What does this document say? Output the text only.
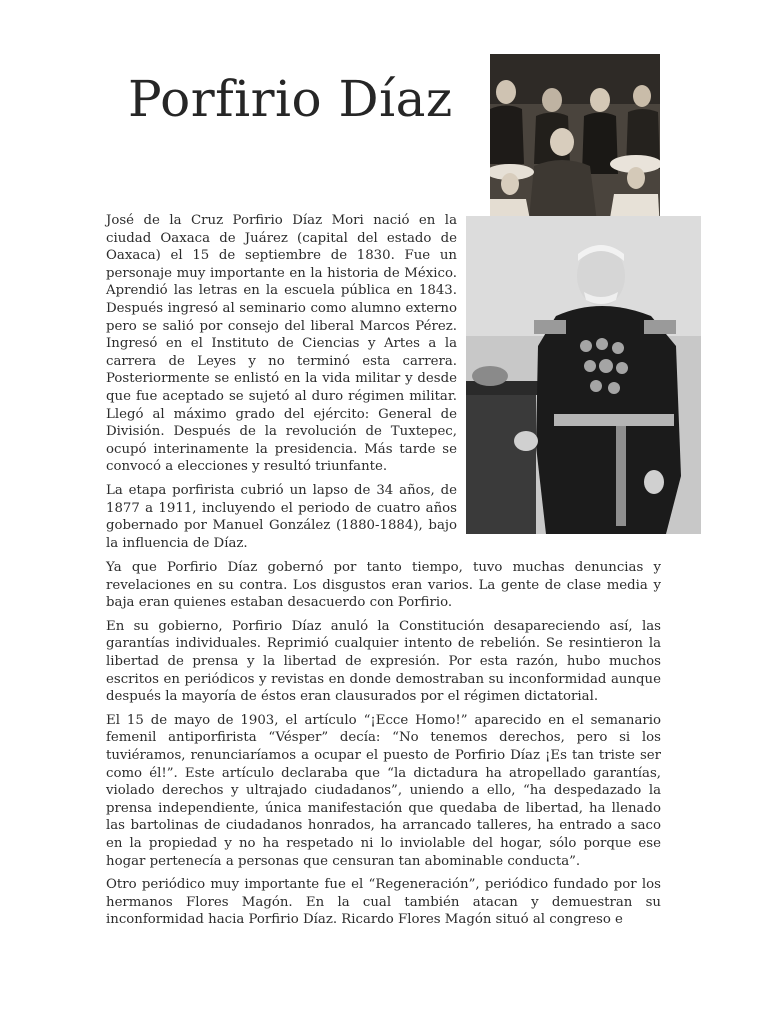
Porfirio Díaz

José de la Cruz Porfirio Díaz Mori nació en la ciudad Oaxaca de Juárez (capital del estado de Oaxaca) el 15 de septiembre de 1830. Fue un personaje muy importante en la historia de México. Aprendió las letras en la escuela pública en 1843. Después ingresó al seminario como alumno externo pero se salió por consejo del liberal Marcos Pérez. Ingresó en el Instituto de Ciencias y Artes a la carrera de Leyes y no terminó esta carrera. Posteriormente se enlistó en la vida militar y desde que fue aceptado se sujetó al duro régimen militar. Llegó al máximo grado del ejército: General de División. Después de la revolución de Tuxtepec, ocupó interinamente la presidencia. Más tarde se convocó a elecciones y resultó triunfante.

La etapa porfirista cubrió un lapso de 34 años, de 1877 a 1911, incluyendo el periodo de cuatro años gobernado por Manuel González (1880-1884), bajo la influencia de Díaz.

Ya que Porfirio Díaz gobernó por tanto tiempo, tuvo muchas denuncias y revelaciones en su contra. Los disgustos eran varios. La gente de clase media y baja eran quienes estaban desacuerdo con Porfirio.

En su gobierno, Porfirio Díaz anuló la Constitución desapareciendo así, las garantías individuales. Reprimió cualquier intento de rebelión. Se resintieron la libertad de prensa y la libertad de expresión. Por esta razón, hubo muchos escritos en periódicos y revistas en donde demostraban su inconformidad aunque después la mayoría de éstos eran clausurados por el régimen dictatorial.

El 15 de mayo de 1903, el artículo “¡Ecce Homo!” aparecido en el semanario femenil antiporfirista “Vésper” decía: “No tenemos derechos, pero si los tuviéramos, renunciaríamos a ocupar el puesto de Porfirio Díaz ¡Es tan triste ser como él!”. Este artículo declaraba que “la dictadura ha atropellado garantías, violado derechos y ultrajado ciudadanos”, uniendo a ello, “ha despedazado la prensa independiente, única manifestación que quedaba de libertad, ha llenado las bartolinas de ciudadanos honrados, ha arrancado talleres, ha entrado a saco en la propiedad y no ha respetado ni lo inviolable del hogar, sólo porque ese hogar pertenecía a personas que censuran tan abominable conducta”.

Otro periódico muy importante fue el “Regeneración”, periódico fundado por los hermanos Flores Magón. En la cual también atacan y demuestran su inconformidad hacia Porfirio Díaz. Ricardo Flores Magón situó al congreso e
